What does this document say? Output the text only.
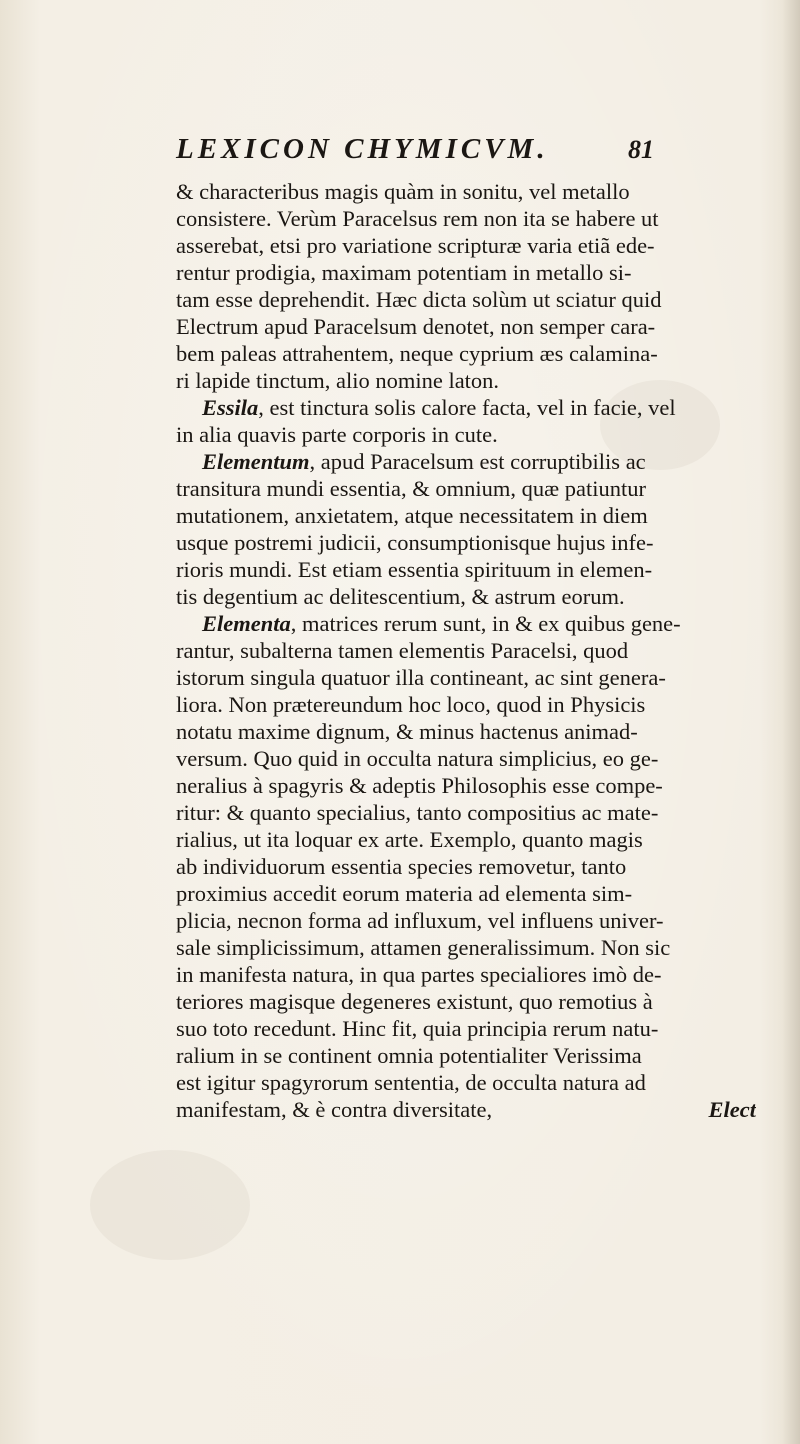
LEXICON CHYMICVM.	81
& characteribus magis quàm in sonitu, vel metallo
consistere. Verùm Paracelsus rem non ita se habere ut
asserebat, etsi pro variatione scripturæ varia etiã ede-
rentur prodigia, maximam potentiam in metallo si-
tam esse deprehendit. Hæc dicta solùm ut sciatur quid
Electrum apud Paracelsum denotet, non semper cara-
bem paleas attrahentem, neque cyprium æs calamina-
ri lapide tinctum, alio nomine laton.
Essila, est tinctura solis calore facta, vel in facie, vel
in alia quavis parte corporis in cute.
Elementum, apud Paracelsum est corruptibilis ac
transitura mundi essentia, & omnium, quæ patiuntur
mutationem, anxietatem, atque necessitatem in diem
usque postremi judicii, consumptionisque hujus infe-
rioris mundi. Est etiam essentia spirituum in elemen-
tis degentium ac delitescentium, & astrum eorum.
Elementa, matrices rerum sunt, in & ex quibus gene-
rantur, subalterna tamen elementis Paracelsi, quod
istorum singula quatuor illa contineant, ac sint genera-
liora. Non prætereundum hoc loco, quod in Physicis
notatu maxime dignum, & minus hactenus animad-
versum. Quo quid in occulta natura simplicius, eo ge-
neralius à spagyris & adeptis Philosophis esse compe-
ritur: & quanto specialius, tanto compositius ac mate-
rialius, ut ita loquar ex arte. Exemplo, quanto magis
ab individuorum essentia species removetur, tanto
proximius accedit eorum materia ad elementa sim-
plicia, necnon forma ad influxum, vel influens univer-
sale simplicissimum, attamen generalissimum. Non sic
in manifesta natura, in qua partes specialiores imò de-
teriores magisque degeneres existunt, quo remotius à
suo toto recedunt. Hinc fit, quia principia rerum natu-
ralium in se continent omnia potentialiter Verissima
est igitur spagyrorum sententia, de occulta natura ad
manifestam, & è contra diversitate,	Elect
